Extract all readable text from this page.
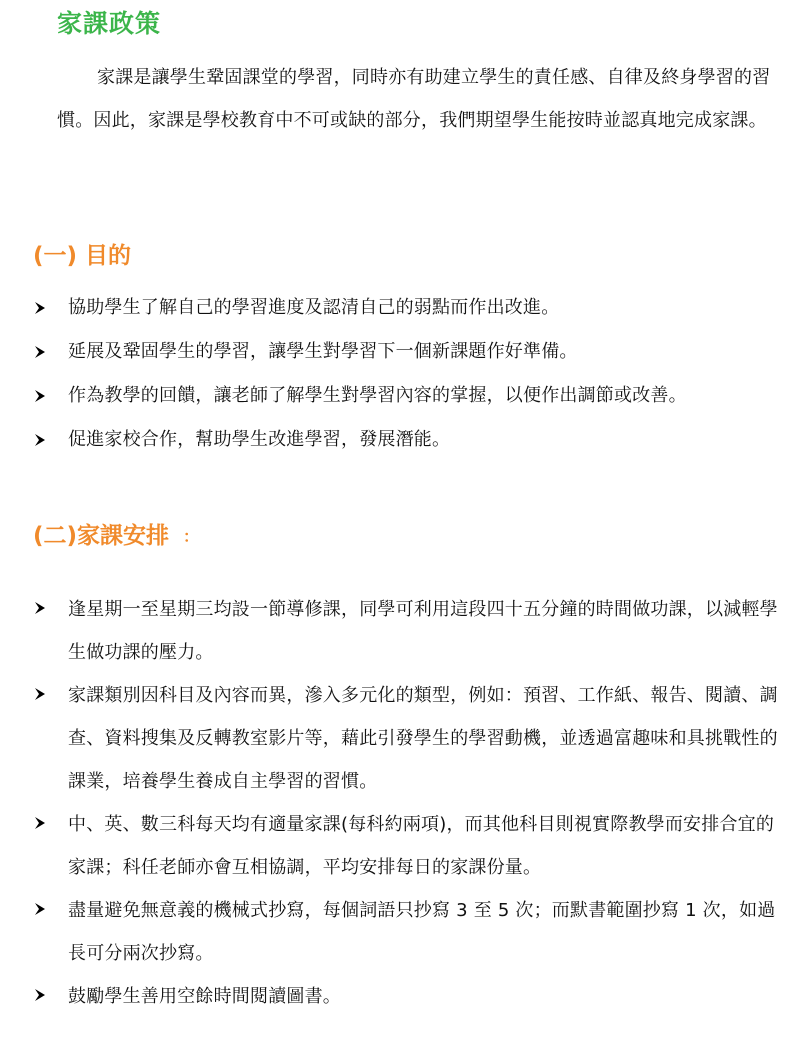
家課政策

家課是讓學生鞏固課堂的學習，同時亦有助建立學生的責任感、自律及終身學習的習慣。因此，家課是學校教育中不可或缺的部分，我們期望學生能按時並認真地完成家課。

(一) 目的
協助學生了解自己的學習進度及認清自己的弱點而作出改進。
延展及鞏固學生的學習，讓學生對學習下一個新課題作好準備。
作為教學的回饋，讓老師了解學生對學習內容的掌握，以便作出調節或改善。
促進家校合作，幫助學生改進學習，發展潛能。
(二)家課安排 ：
逢星期一至星期三均設一節導修課，同學可利用這段四十五分鐘的時間做功課，以減輕學生做功課的壓力。
家課類別因科目及內容而異，滲入多元化的類型，例如：預習、工作紙、報告、閱讀、調查、資料搜集及反轉教室影片等，藉此引發學生的學習動機，並透過富趣味和具挑戰性的課業，培養學生養成自主學習的習慣。
中、英、數三科每天均有適量家課(每科約兩項)，而其他科目則視實際教學而安排合宜的家課；科任老師亦會互相協調，平均安排每日的家課份量。
盡量避免無意義的機械式抄寫，每個詞語只抄寫 3 至 5 次；而默書範圍抄寫 1 次，如過長可分兩次抄寫。
鼓勵學生善用空餘時間閱讀圖書。
